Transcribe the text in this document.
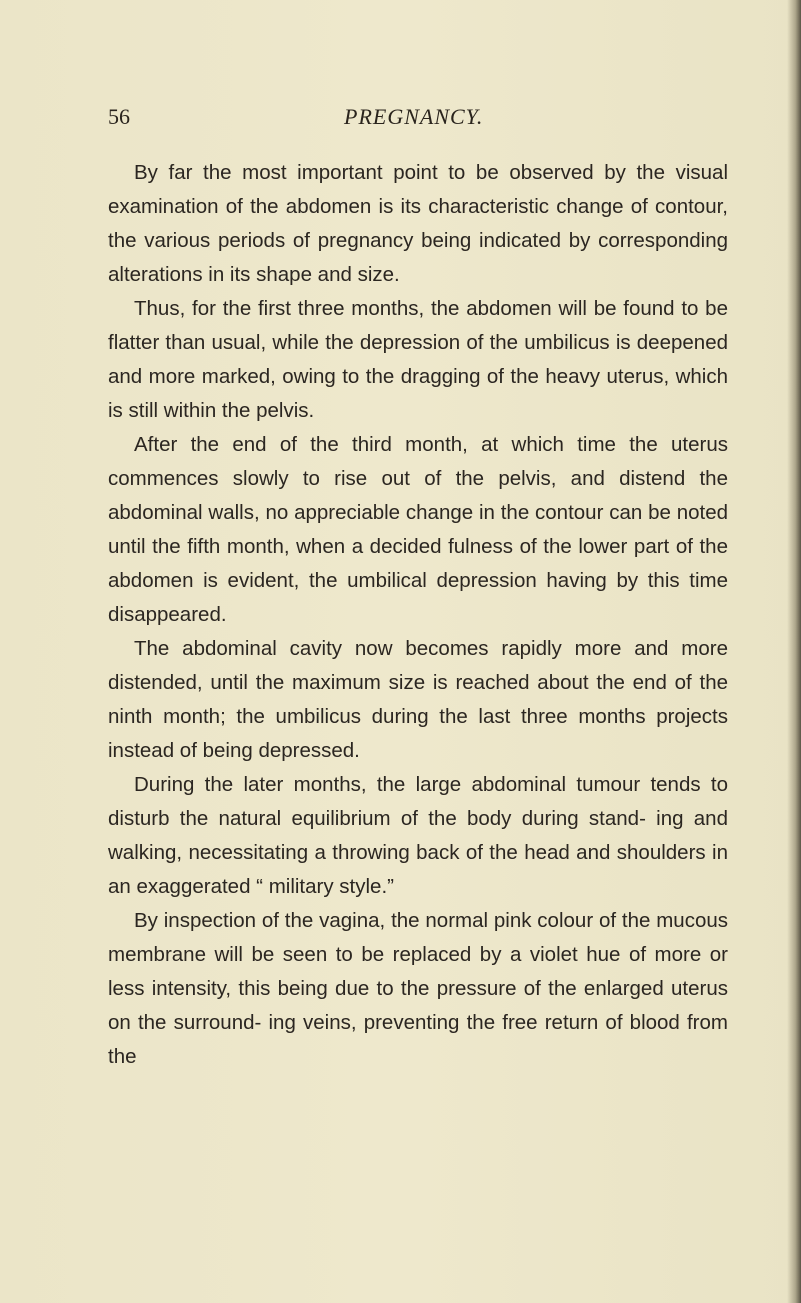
56	PREGNANCY.

By far the most important point to be observed by the visual examination of the abdomen is its characteristic change of contour, the various periods of pregnancy being indicated by corresponding alterations in its shape and size.

Thus, for the first three months, the abdomen will be found to be flatter than usual, while the depression of the umbilicus is deepened and more marked, owing to the dragging of the heavy uterus, which is still within the pelvis.

After the end of the third month, at which time the uterus commences slowly to rise out of the pelvis, and distend the abdominal walls, no appreciable change in the contour can be noted until the fifth month, when a decided fulness of the lower part of the abdomen is evident, the umbilical depression having by this time disappeared.

The abdominal cavity now becomes rapidly more and more distended, until the maximum size is reached about the end of the ninth month; the umbilicus during the last three months projects instead of being depressed.

During the later months, the large abdominal tumour tends to disturb the natural equilibrium of the body during stand- ing and walking, necessitating a throwing back of the head and shoulders in an exaggerated “ military style.”

By inspection of the vagina, the normal pink colour of the mucous membrane will be seen to be replaced by a violet hue of more or less intensity, this being due to the pressure of the enlarged uterus on the surround- ing veins, preventing the free return of blood from the
